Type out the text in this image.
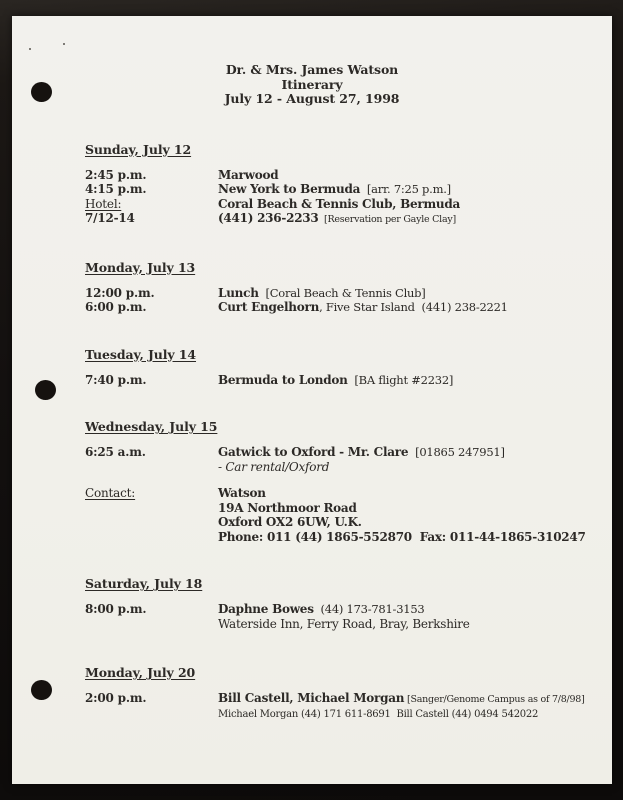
Dr. & Mrs. James Watson
Itinerary
July 12 - August 27, 1998
Sunday, July 12
2:45 p.m.	Marwood
4:15 p.m.	New York to Bermuda  [arr. 7:25 p.m.]
Hotel:	Coral Beach & Tennis Club, Bermuda
7/12-14	(441) 236-2233  [Reservation per Gayle Clay]
Monday, July 13
12:00 p.m.	Lunch  [Coral Beach & Tennis Club]
6:00 p.m.	Curt Engelhorn, Five Star Island  (441) 238-2221
Tuesday, July 14
7:40 p.m.	Bermuda to London  [BA flight #2232]
Wednesday, July 15
6:25 a.m.	Gatwick to Oxford - Mr. Clare  [01865 247951]
- Car rental/Oxford
Contact:	Watson
19A Northmoor Road
Oxford OX2 6UW, U.K.
Phone: 011 (44) 1865-552870  Fax: 011-44-1865-310247
Saturday, July 18
8:00 p.m.	Daphne Bowes  (44) 173-781-3153
Waterside Inn, Ferry Road, Bray, Berkshire
Monday, July 20
2:00 p.m.	Bill Castell, Michael Morgan [Sanger/Genome Campus as of 7/8/98]
Michael Morgan (44) 171 611-8691  Bill Castell (44) 0494 542022
